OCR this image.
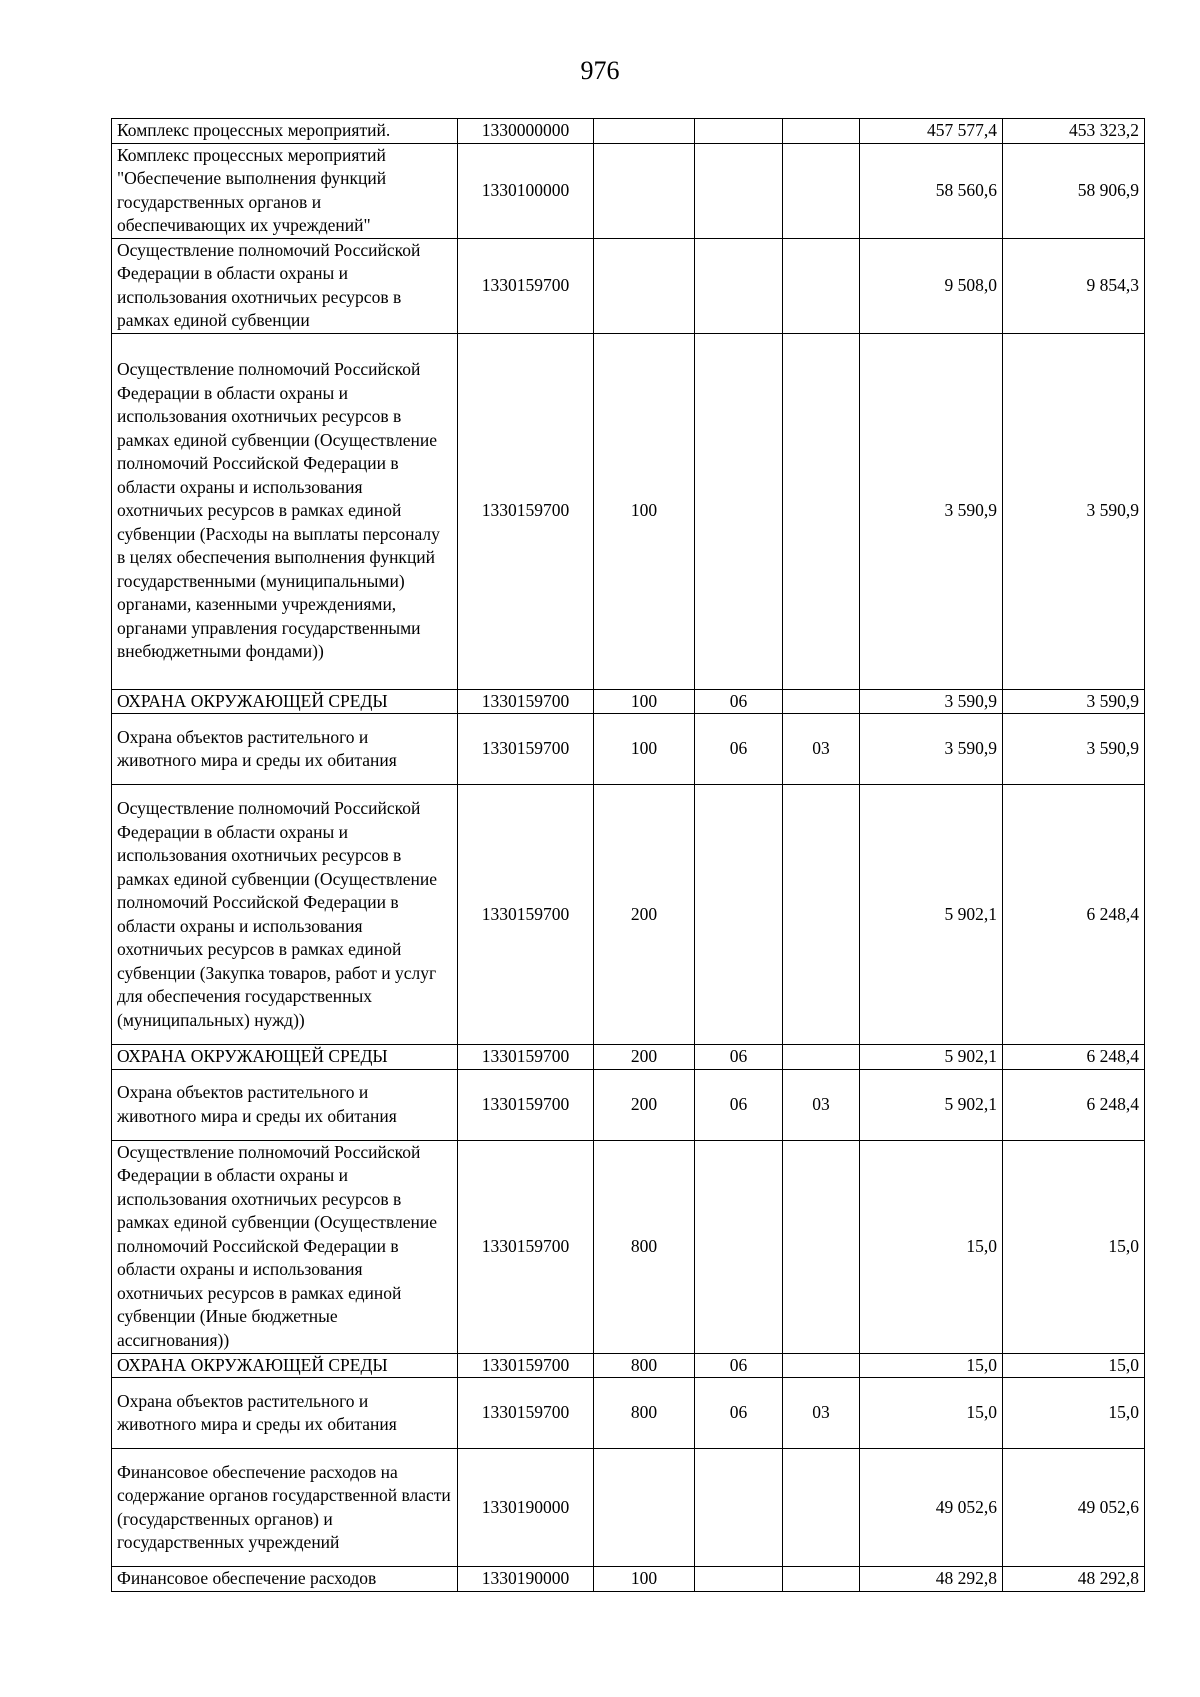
976
Комплекс процессных мероприятий.	1330000000				457 577,4	453 323,2
Комплекс процессных мероприятий "Обеспечение выполнения функций государственных органов и обеспечивающих их учреждений"	1330100000				58 560,6	58 906,9
Осуществление полномочий Российской Федерации в области охраны и использования охотничьих ресурсов в рамках единой субвенции	1330159700				9 508,0	9 854,3
Осуществление полномочий Российской Федерации в области охраны и использования охотничьих ресурсов в рамках единой субвенции (Осуществление полномочий Российской Федерации в области охраны и использования охотничьих ресурсов в рамках единой субвенции (Расходы на выплаты персоналу в целях обеспечения выполнения функций государственными (муниципальными) органами, казенными учреждениями, органами управления государственными внебюджетными фондами))	1330159700	100			3 590,9	3 590,9
ОХРАНА ОКРУЖАЮЩЕЙ СРЕДЫ	1330159700	100	06		3 590,9	3 590,9
Охрана объектов растительного и животного мира и среды их обитания	1330159700	100	06	03	3 590,9	3 590,9
Осуществление полномочий Российской Федерации в области охраны и использования охотничьих ресурсов в рамках единой субвенции (Осуществление полномочий Российской Федерации в области охраны и использования охотничьих ресурсов в рамках единой субвенции (Закупка товаров, работ и услуг для обеспечения государственных (муниципальных) нужд))	1330159700	200			5 902,1	6 248,4
ОХРАНА ОКРУЖАЮЩЕЙ СРЕДЫ	1330159700	200	06		5 902,1	6 248,4
Охрана объектов растительного и животного мира и среды их обитания	1330159700	200	06	03	5 902,1	6 248,4
Осуществление полномочий Российской Федерации в области охраны и использования охотничьих ресурсов в рамках единой субвенции (Осуществление полномочий Российской Федерации в области охраны и использования охотничьих ресурсов в рамках единой субвенции (Иные бюджетные ассигнования))	1330159700	800			15,0	15,0
ОХРАНА ОКРУЖАЮЩЕЙ СРЕДЫ	1330159700	800	06		15,0	15,0
Охрана объектов растительного и животного мира и среды их обитания	1330159700	800	06	03	15,0	15,0
Финансовое обеспечение расходов на содержание органов государственной власти (государственных органов) и государственных учреждений	1330190000				49 052,6	49 052,6
Финансовое обеспечение расходов	1330190000	100			48 292,8	48 292,8
